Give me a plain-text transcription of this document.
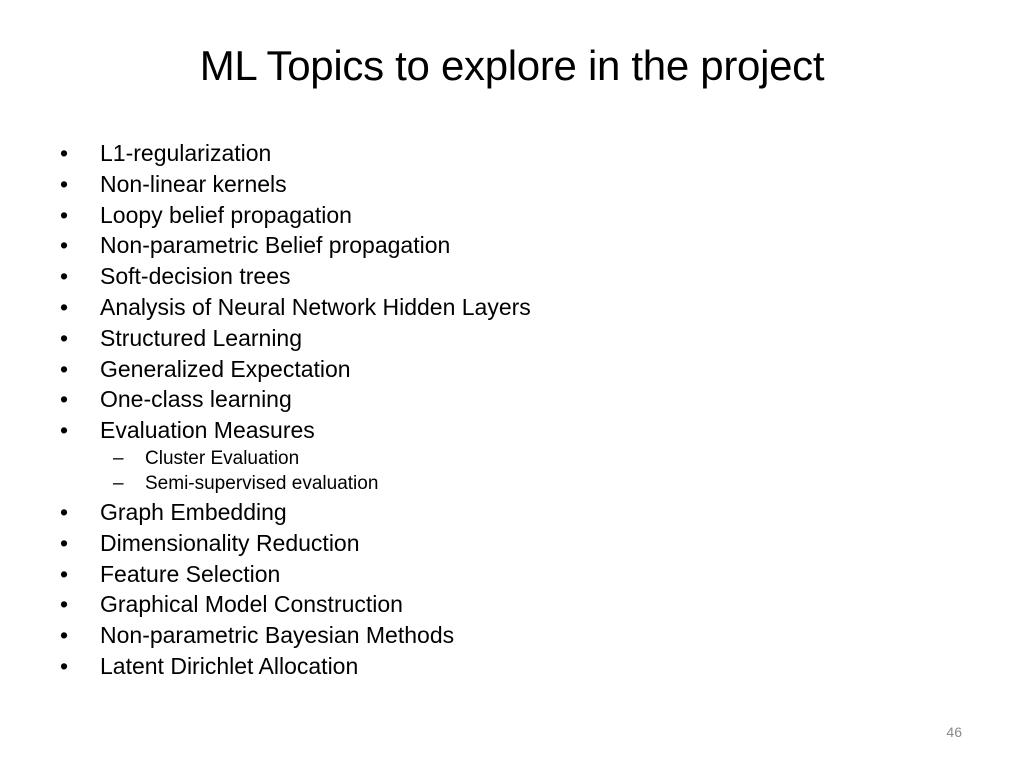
ML Topics to explore in the project
•	L1-regularization
•	Non-linear kernels
•	Loopy belief propagation
•	Non-parametric Belief propagation
•	Soft-decision trees
•	Analysis of Neural Network Hidden Layers
•	Structured Learning
•	Generalized Expectation
•	One-class learning
•	Evaluation Measures
–	Cluster Evaluation
–	Semi-supervised evaluation
•	Graph Embedding
•	Dimensionality Reduction
•	Feature Selection
•	Graphical Model Construction
•	Non-parametric Bayesian Methods
•	Latent Dirichlet Allocation
46
